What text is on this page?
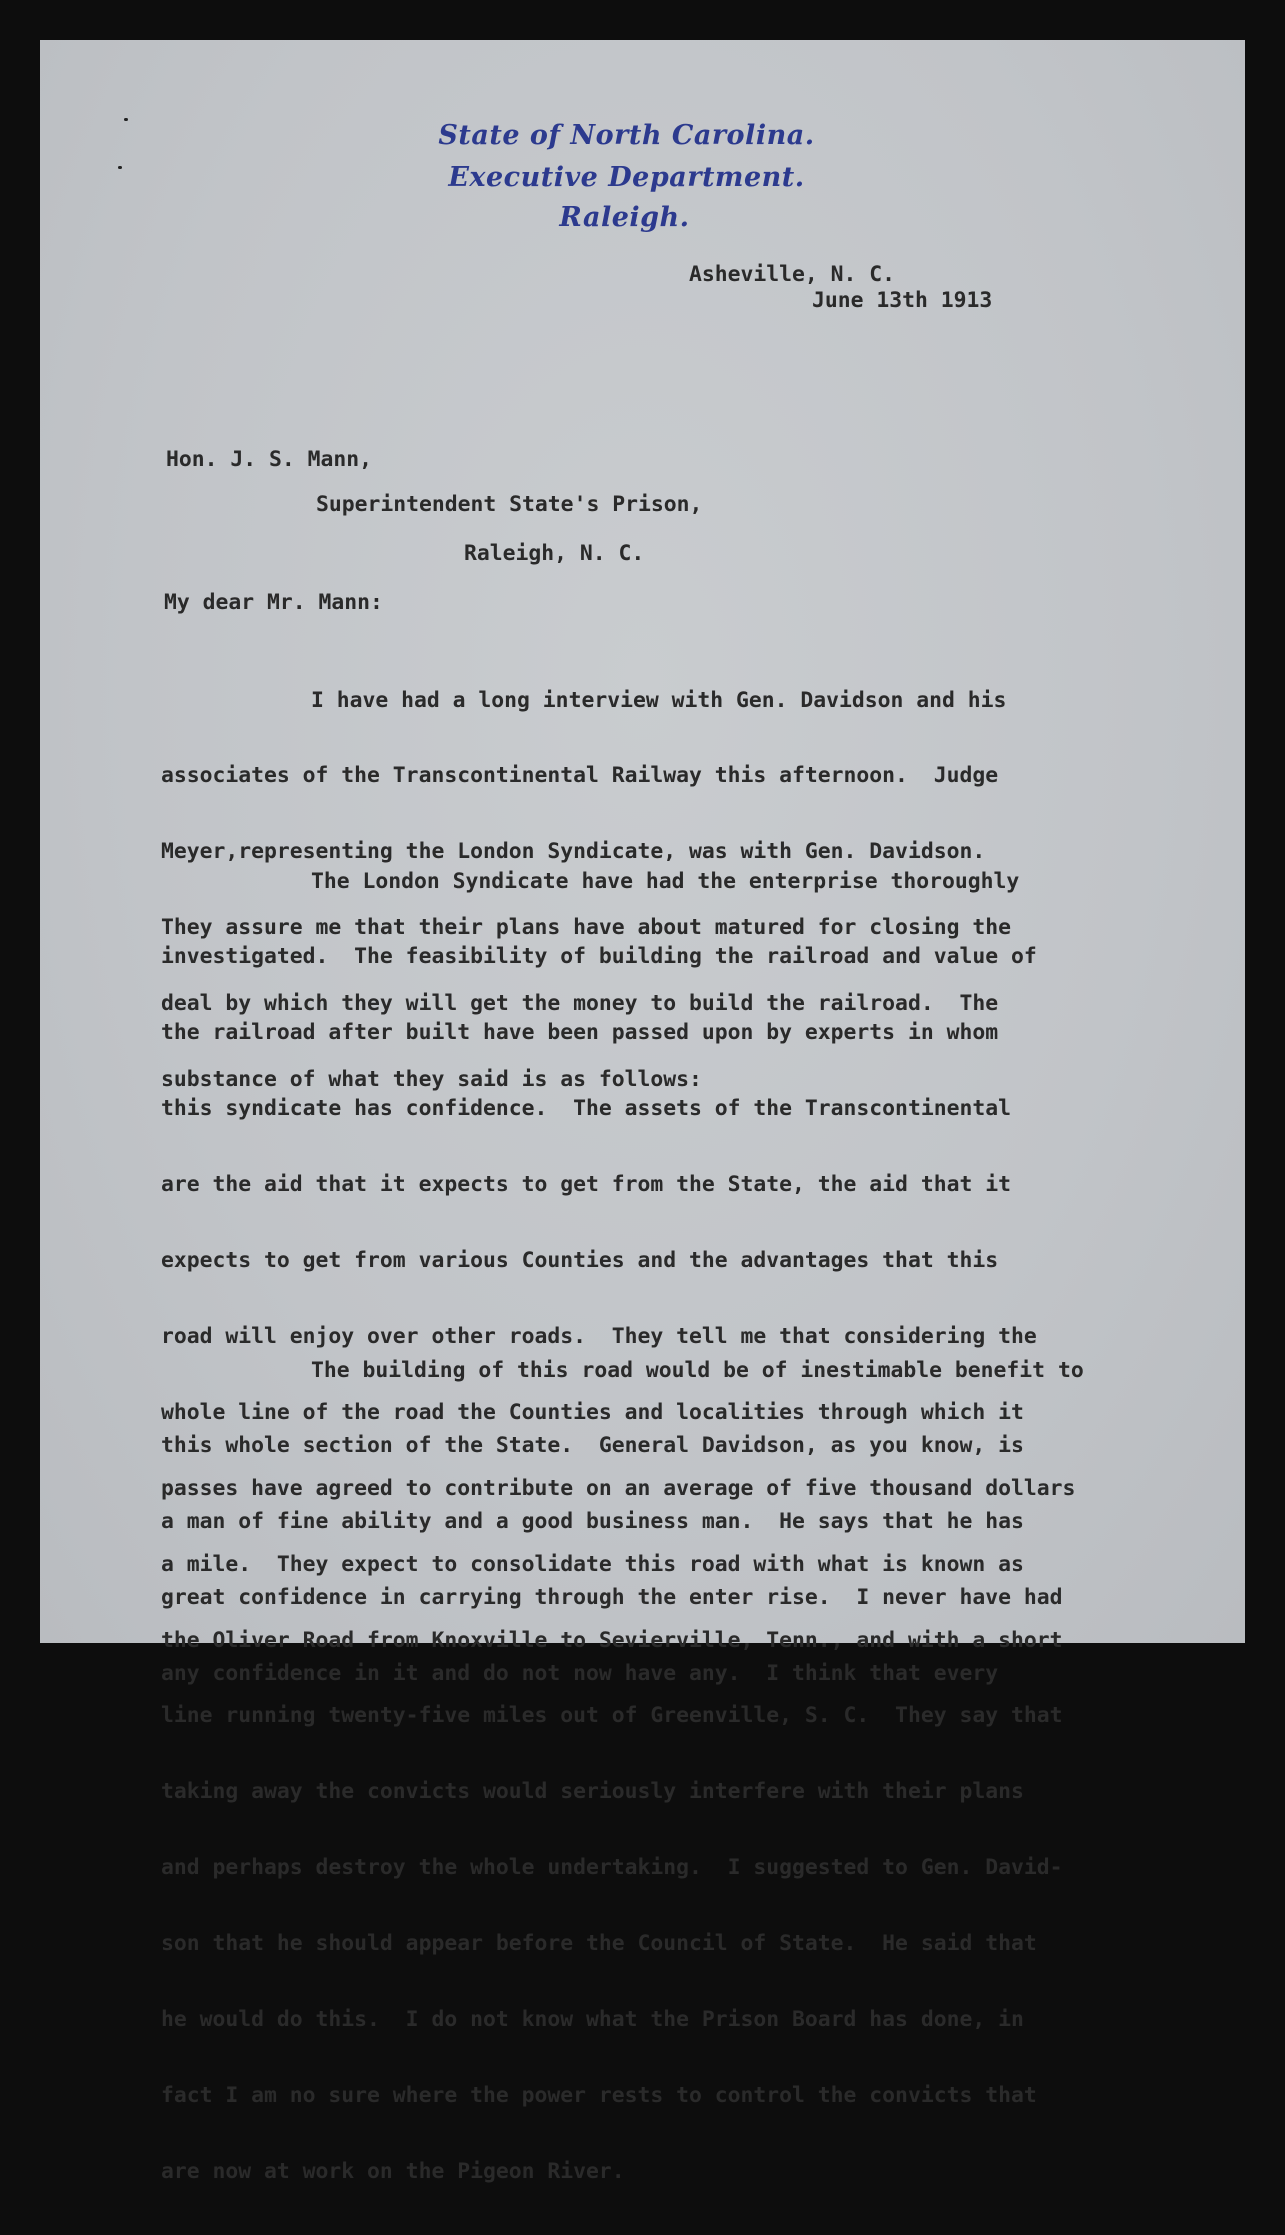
State of North Carolina.
Executive Department.
Raleigh.
Asheville, N. C.
June 13th 1913
Hon. J. S. Mann,
Superintendent State's Prison,
Raleigh, N. C.
My dear Mr. Mann:

I have had a long interview with Gen. Davidson and his

associates of the Transcontinental Railway this afternoon.  Judge

Meyer,representing the London Syndicate, was with Gen. Davidson.

They assure me that their plans have about matured for closing the

deal by which they will get the money to build the railroad.  The

substance of what they said is as follows:

The London Syndicate have had the enterprise thoroughly

investigated.  The feasibility of building the railroad and value of

the railroad after built have been passed upon by experts in whom

this syndicate has confidence.  The assets of the Transcontinental

are the aid that it expects to get from the State, the aid that it

expects to get from various Counties and the advantages that this

road will enjoy over other roads.  They tell me that considering the

whole line of the road the Counties and localities through which it

passes have agreed to contribute on an average of five thousand dollars

a mile.  They expect to consolidate this road with what is known as

the Oliver Road from Knoxville to Sevierville, Tenn., and with a short

line running twenty-five miles out of Greenville, S. C.  They say that

taking away the convicts would seriously interfere with their plans

and perhaps destroy the whole undertaking.  I suggested to Gen. David-

son that he should appear before the Council of State.  He said that

he would do this.  I do not know what the Prison Board has done, in

fact I am no sure where the power rests to control the convicts that

are now at work on the Pigeon River.

The building of this road would be of inestimable benefit to

this whole section of the State.  General Davidson, as you know, is

a man of fine ability and a good business man.  He says that he has

great confidence in carrying through the enter rise.  I never have had

any confidence in it and do not now have any.  I think that every
